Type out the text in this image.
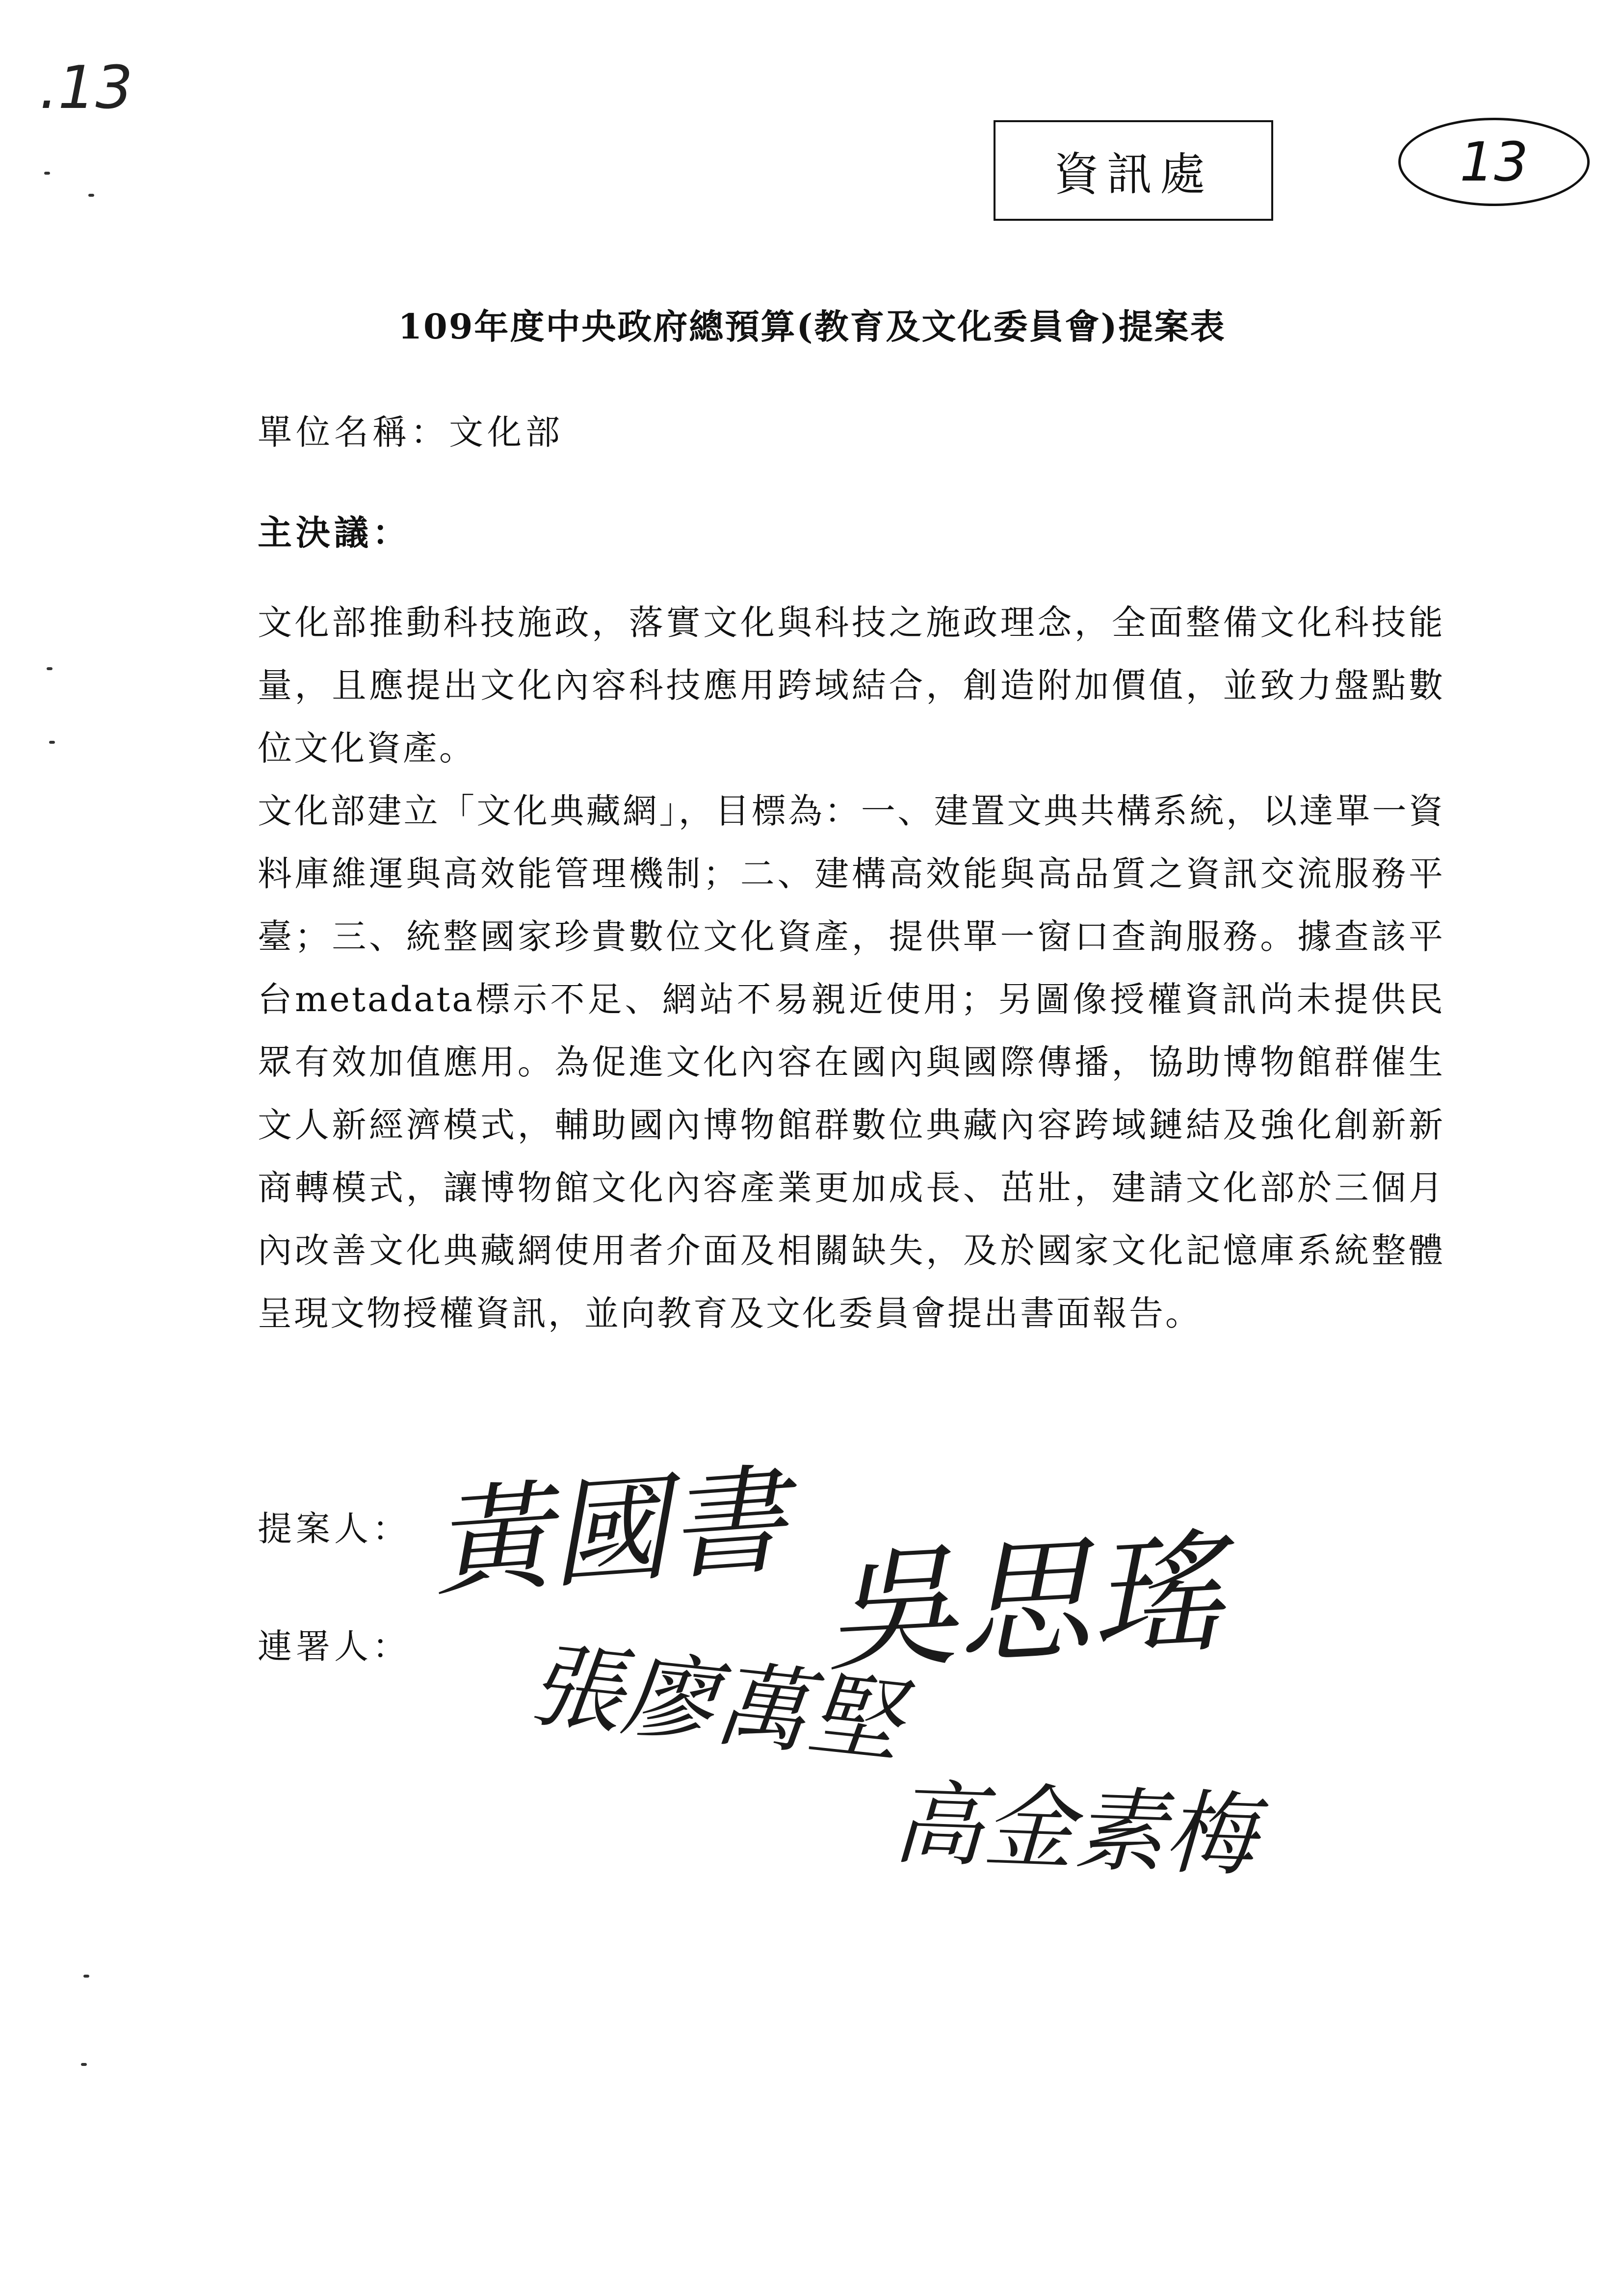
.13
資訊處	13
109年度中央政府總預算(教育及文化委員會)提案表
單位名稱：文化部
主決議：

文化部推動科技施政，落實文化與科技之施政理念，全面整備文化科技能量，且應提出文化內容科技應用跨域結合，創造附加價值，並致力盤點數位文化資產。

文化部建立「文化典藏網」，目標為：一、建置文典共構系統，以達單一資料庫維運與高效能管理機制；二、建構高效能與高品質之資訊交流服務平臺；三、統整國家珍貴數位文化資產，提供單一窗口查詢服務。據查該平台metadata標示不足、網站不易親近使用；另圖像授權資訊尚未提供民眾有效加值應用。為促進文化內容在國內與國際傳播，協助博物館群催生文人新經濟模式，輔助國內博物館群數位典藏內容跨域鏈結及強化創新新商轉模式，讓博物館文化內容產業更加成長、茁壯，建請文化部於三個月內改善文化典藏網使用者介面及相關缺失，及於國家文化記憶庫系統整體呈現文物授權資訊，並向教育及文化委員會提出書面報告。

提案人：
連署人：
黃國書
張廖萬堅
吳思瑤
高金素梅
